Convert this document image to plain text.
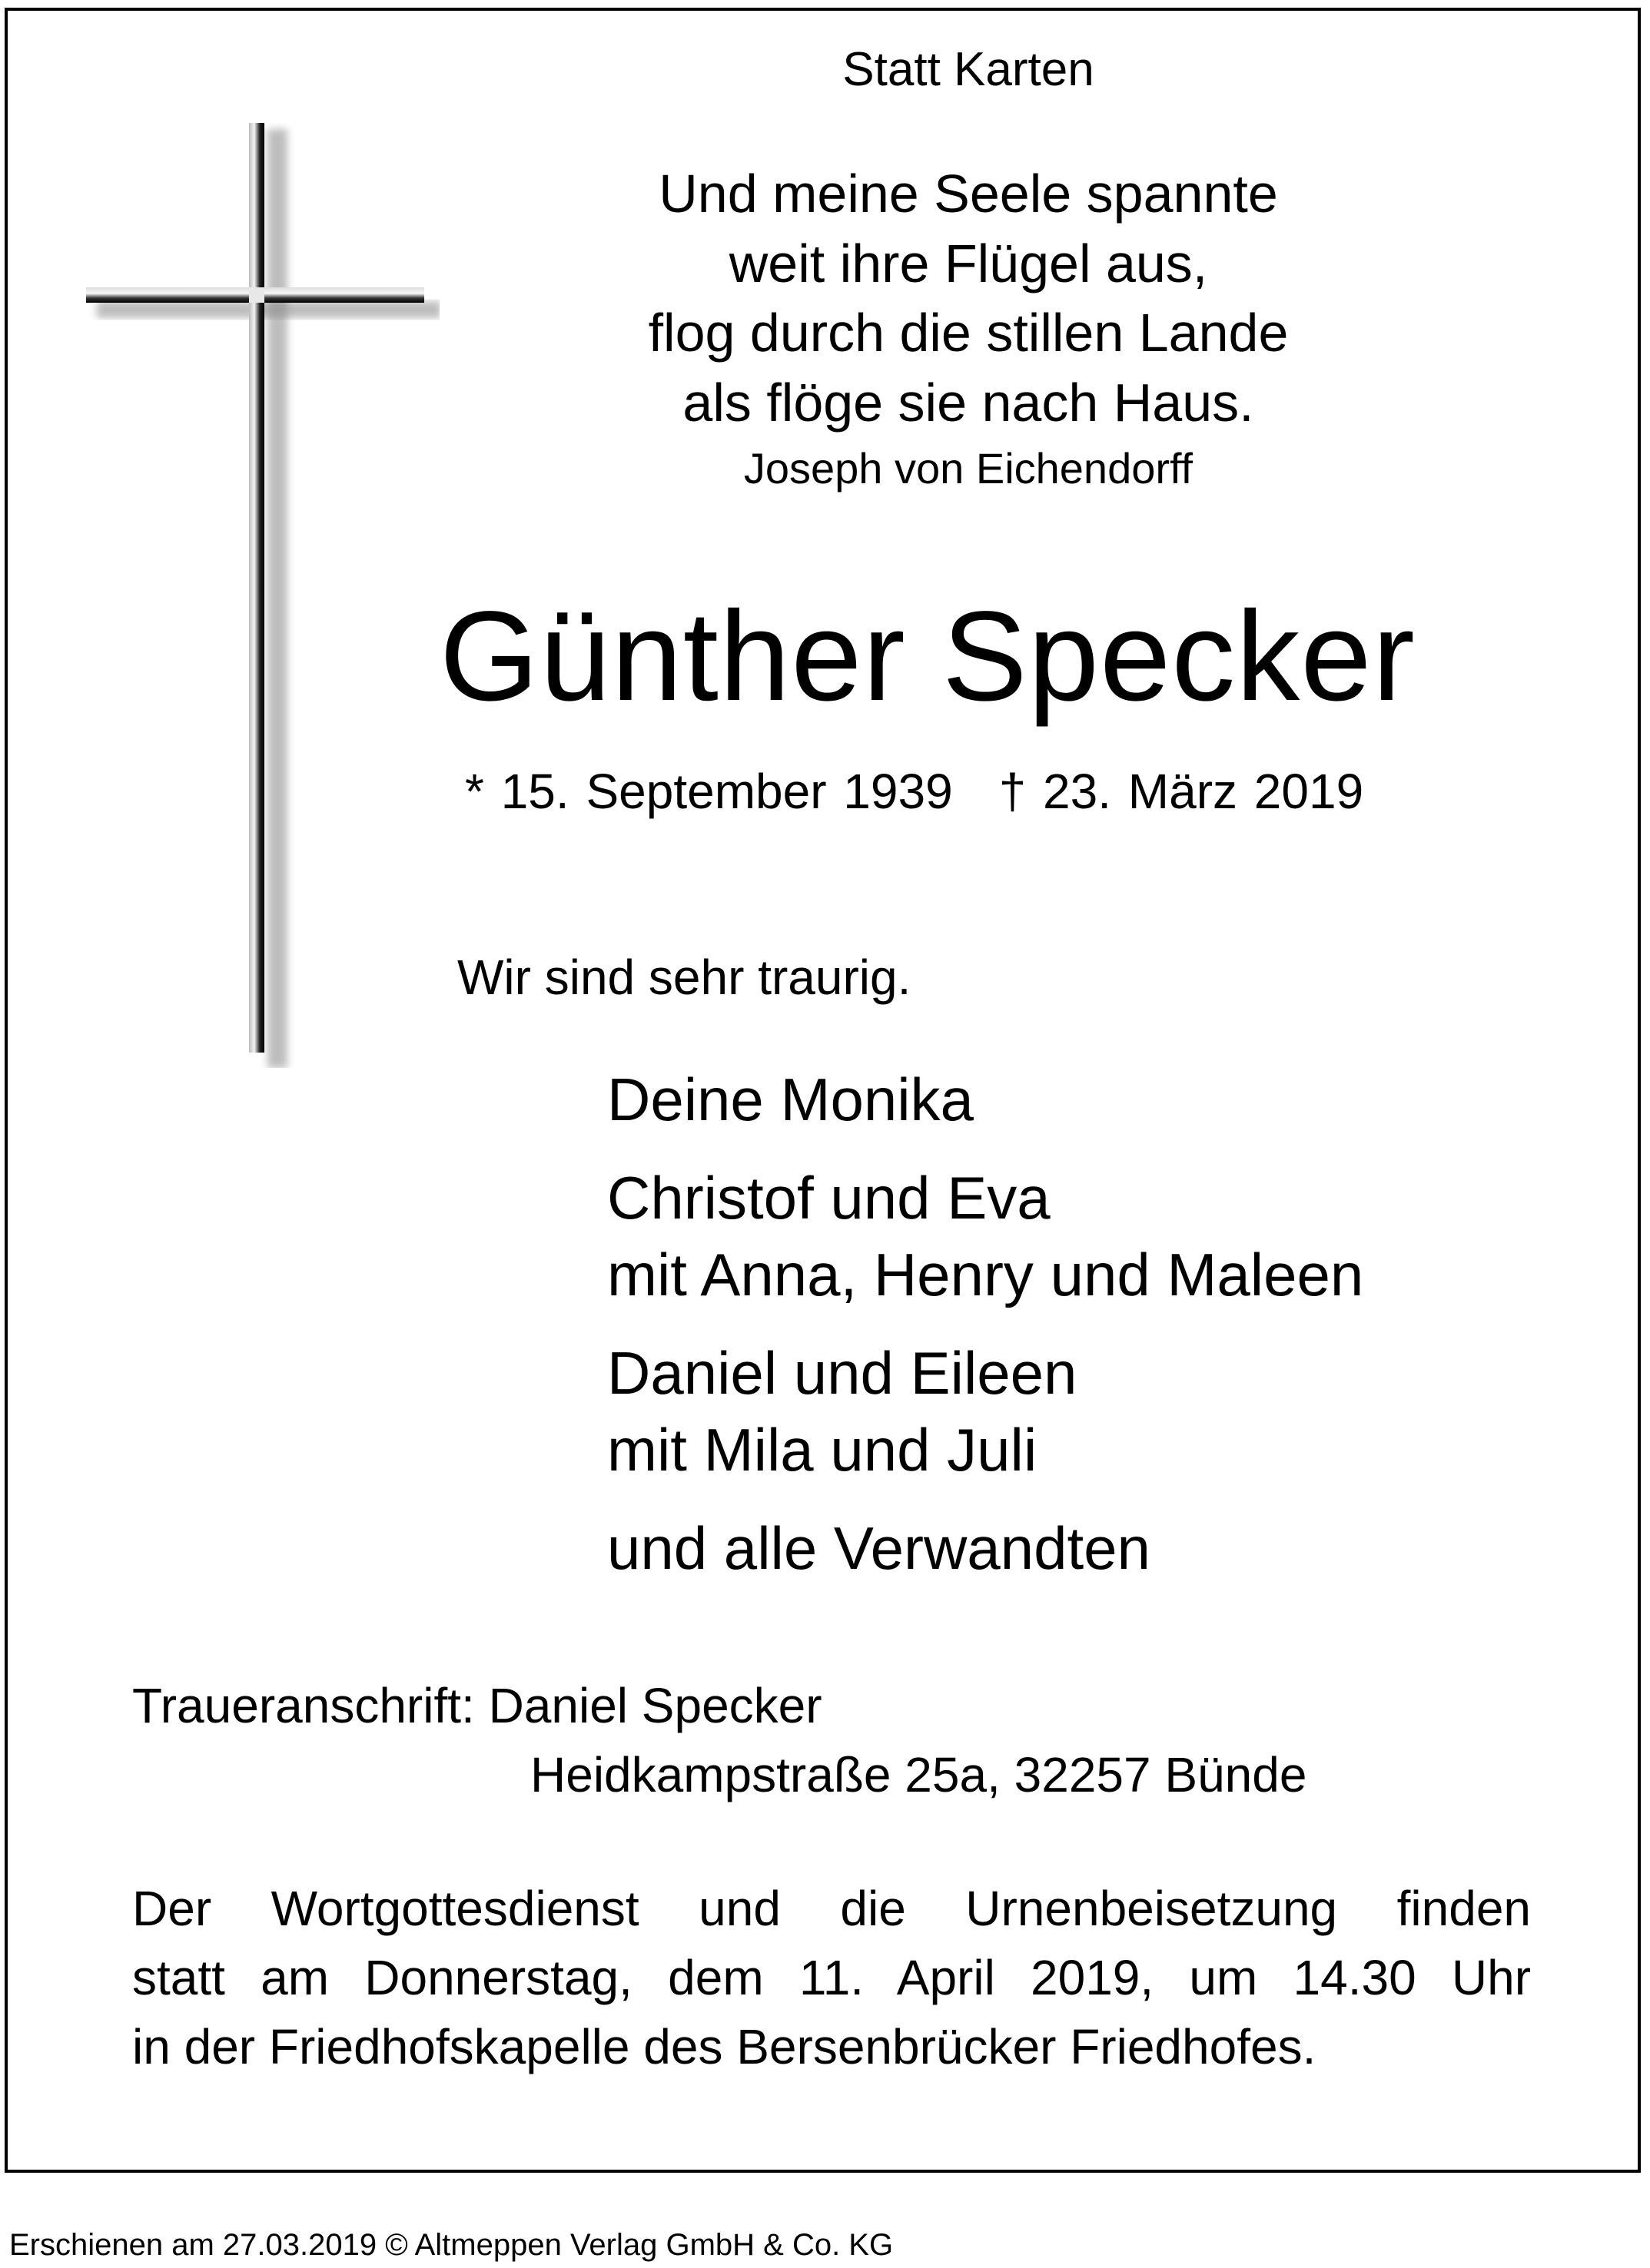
Statt Karten
Und meine Seele spannte
weit ihre Flügel aus,
flog durch die stillen Lande
als flöge sie nach Haus.
Joseph von Eichendorff
Günther Specker
* 15. September 1939 † 23. März 2019
Wir sind sehr traurig.
Deine Monika
Christof und Eva
mit Anna, Henry und Maleen
Daniel und Eileen
mit Mila und Juli
und alle Verwandten
Traueranschrift: Daniel Specker
Heidkampstraße 25a, 32257 Bünde
Der Wortgottesdienst und die Urnenbeisetzung finden
statt am Donnerstag, dem 11. April 2019, um 14.30 Uhr
in der Friedhofskapelle des Bersenbrücker Friedhofes.
Erschienen am 27.03.2019 © Altmeppen Verlag GmbH & Co. KG
